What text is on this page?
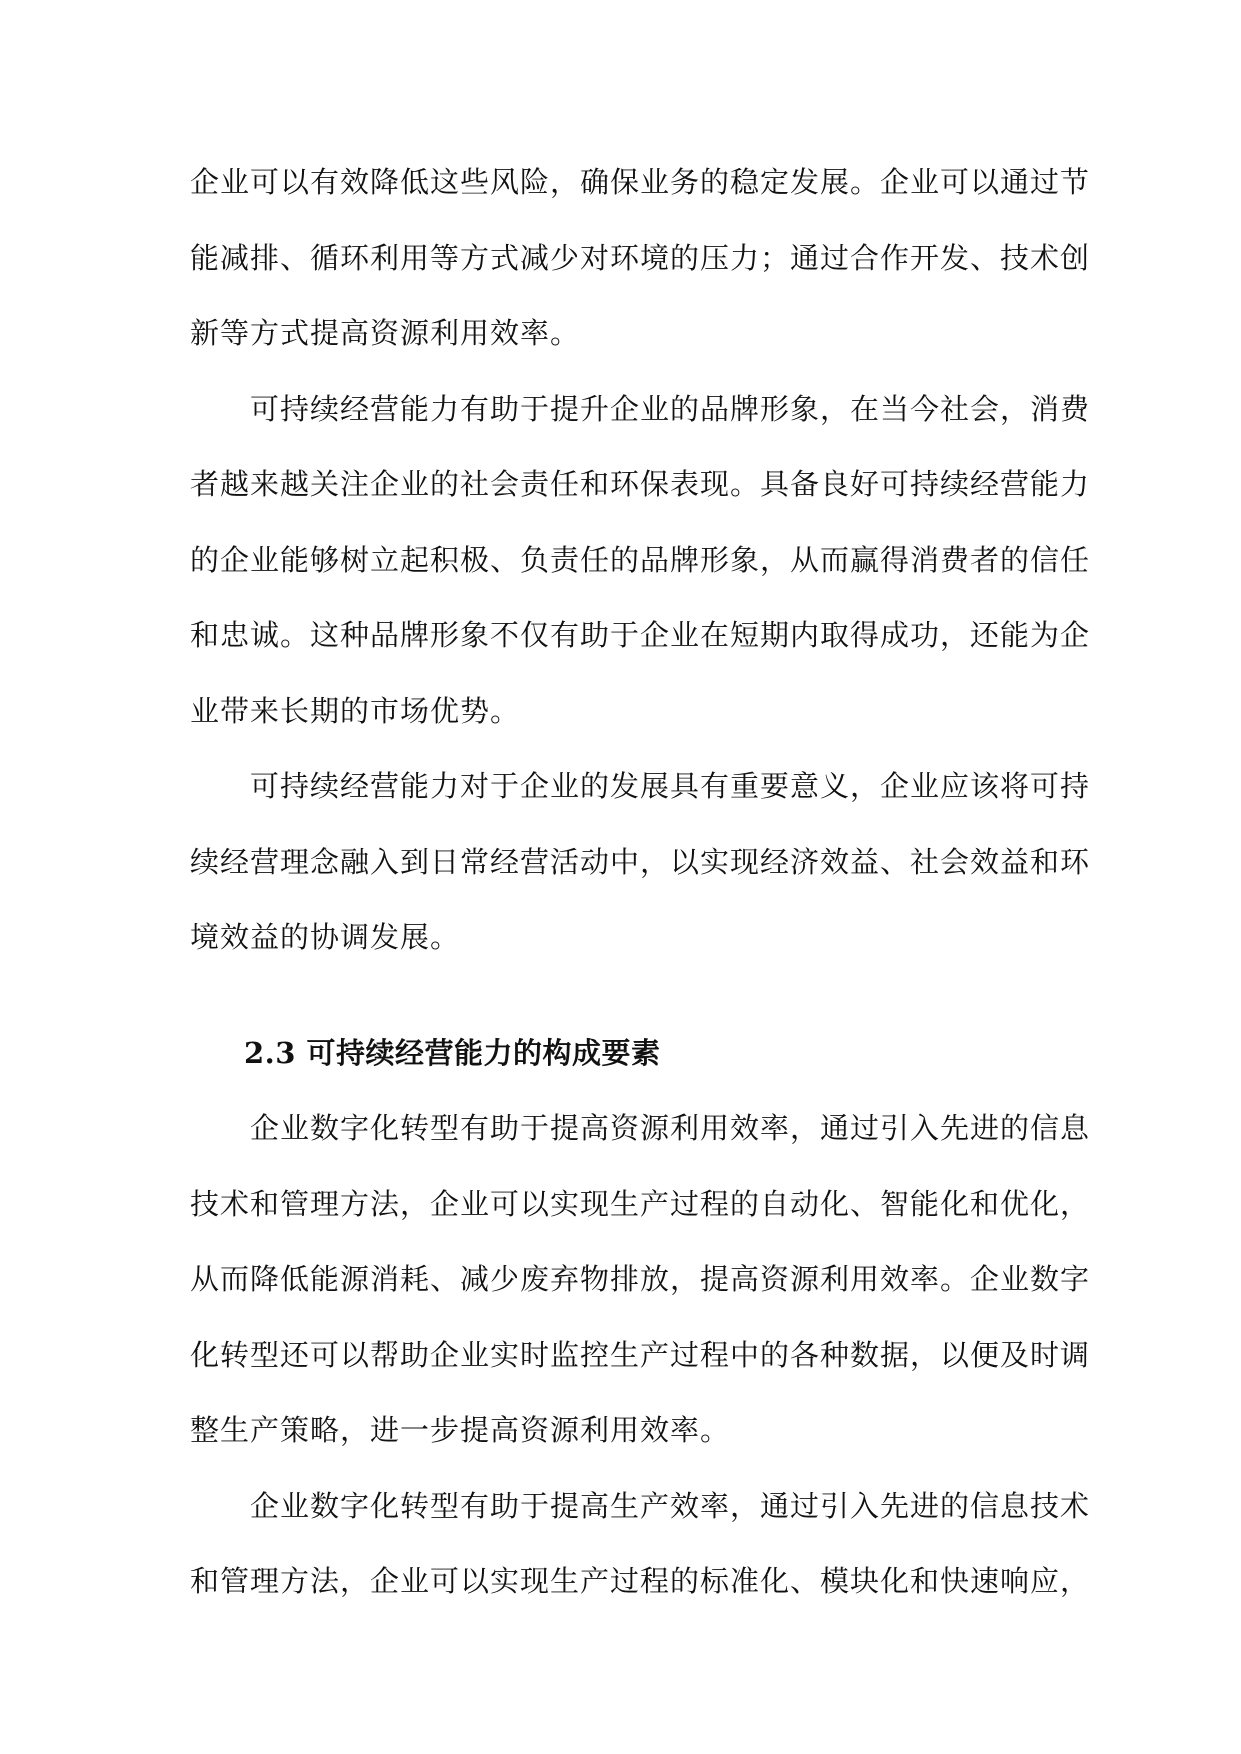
企业可以有效降低这些风险，确保业务的稳定发展。企业可以通过节
能减排、循环利用等方式减少对环境的压力；通过合作开发、技术创
新等方式提高资源利用效率。
可持续经营能力有助于提升企业的品牌形象，在当今社会，消费
者越来越关注企业的社会责任和环保表现。具备良好可持续经营能力
的企业能够树立起积极、负责任的品牌形象，从而赢得消费者的信任
和忠诚。这种品牌形象不仅有助于企业在短期内取得成功，还能为企
业带来长期的市场优势。
可持续经营能力对于企业的发展具有重要意义，企业应该将可持
续经营理念融入到日常经营活动中，以实现经济效益、社会效益和环
境效益的协调发展。
2.3 可持续经营能力的构成要素
企业数字化转型有助于提高资源利用效率，通过引入先进的信息
技术和管理方法，企业可以实现生产过程的自动化、智能化和优化，
从而降低能源消耗、减少废弃物排放，提高资源利用效率。企业数字
化转型还可以帮助企业实时监控生产过程中的各种数据，以便及时调
整生产策略，进一步提高资源利用效率。
企业数字化转型有助于提高生产效率，通过引入先进的信息技术
和管理方法，企业可以实现生产过程的标准化、模块化和快速响应，
